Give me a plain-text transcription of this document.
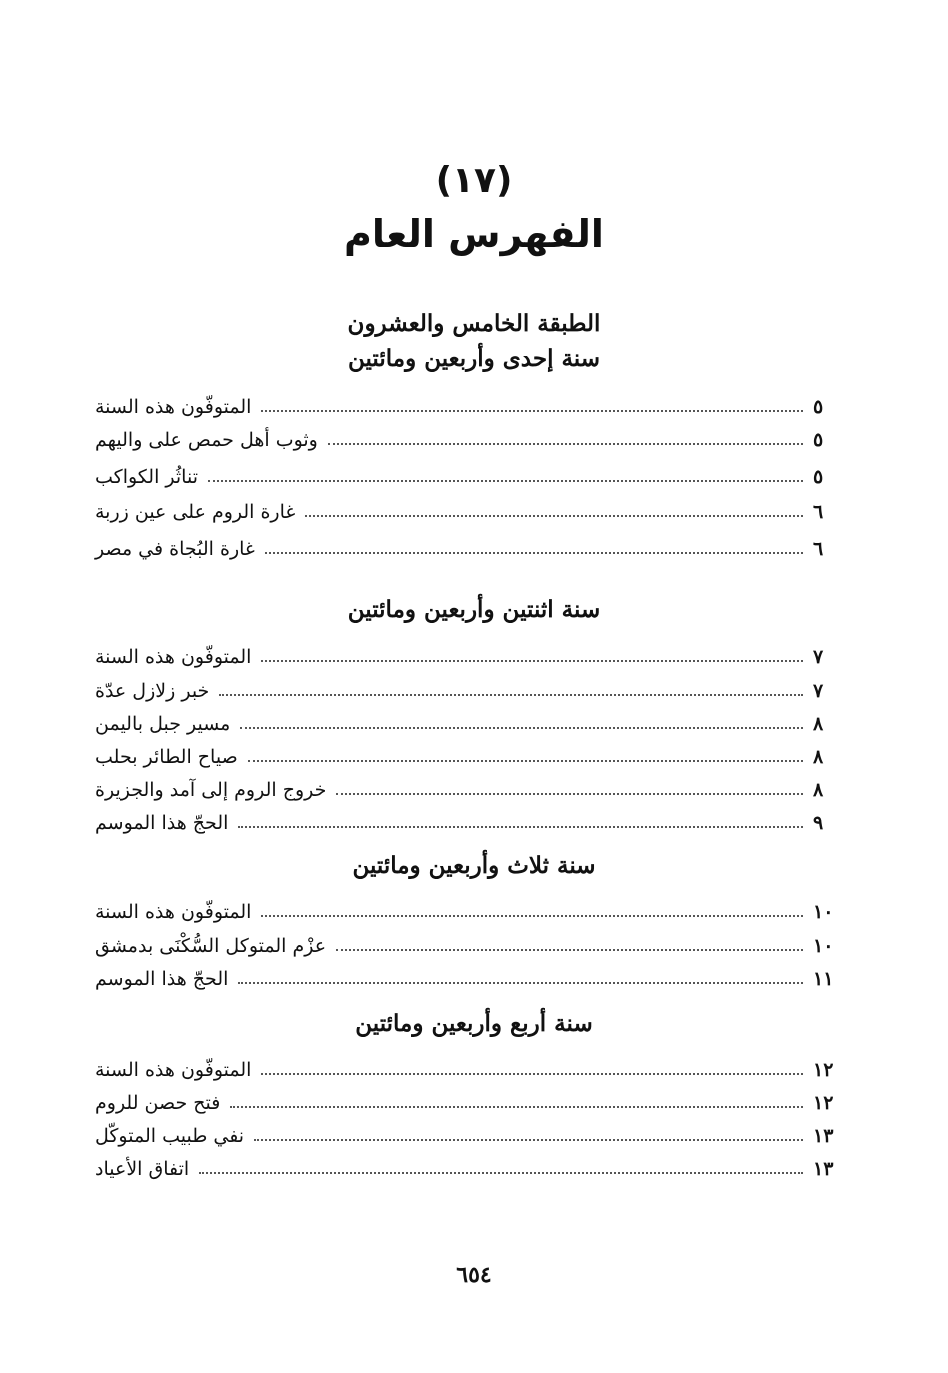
(١٧)
الفهرس العام
الطبقة الخامس والعشرون
سنة إحدى وأربعين ومائتين
المتوفّون هذه السنة	٥
وثوب أهل حمص على واليهم	٥
تناثُر الكواكب	٥
غارة الروم على عين زربة	٦
غارة البُجاة في مصر	٦
سنة اثنتين وأربعين ومائتين
المتوفّون هذه السنة	٧
خبر زلازل عدّة	٧
مسير جبل باليمن	٨
صياح الطائر بحلب	٨
خروج الروم إلى آمد والجزيرة	٨
الحجّ هذا الموسم	٩
سنة ثلاث وأربعين ومائتين
المتوفّون هذه السنة	١٠
عزْم المتوكل السُّكْنَى بدمشق	١٠
الحجّ هذا الموسم	١١
سنة أربع وأربعين ومائتين
المتوفّون هذه السنة	١٢
فتح حصن للروم	١٢
نفي طبيب المتوكّل	١٣
اتفاق الأعياد	١٣
٦٥٤
